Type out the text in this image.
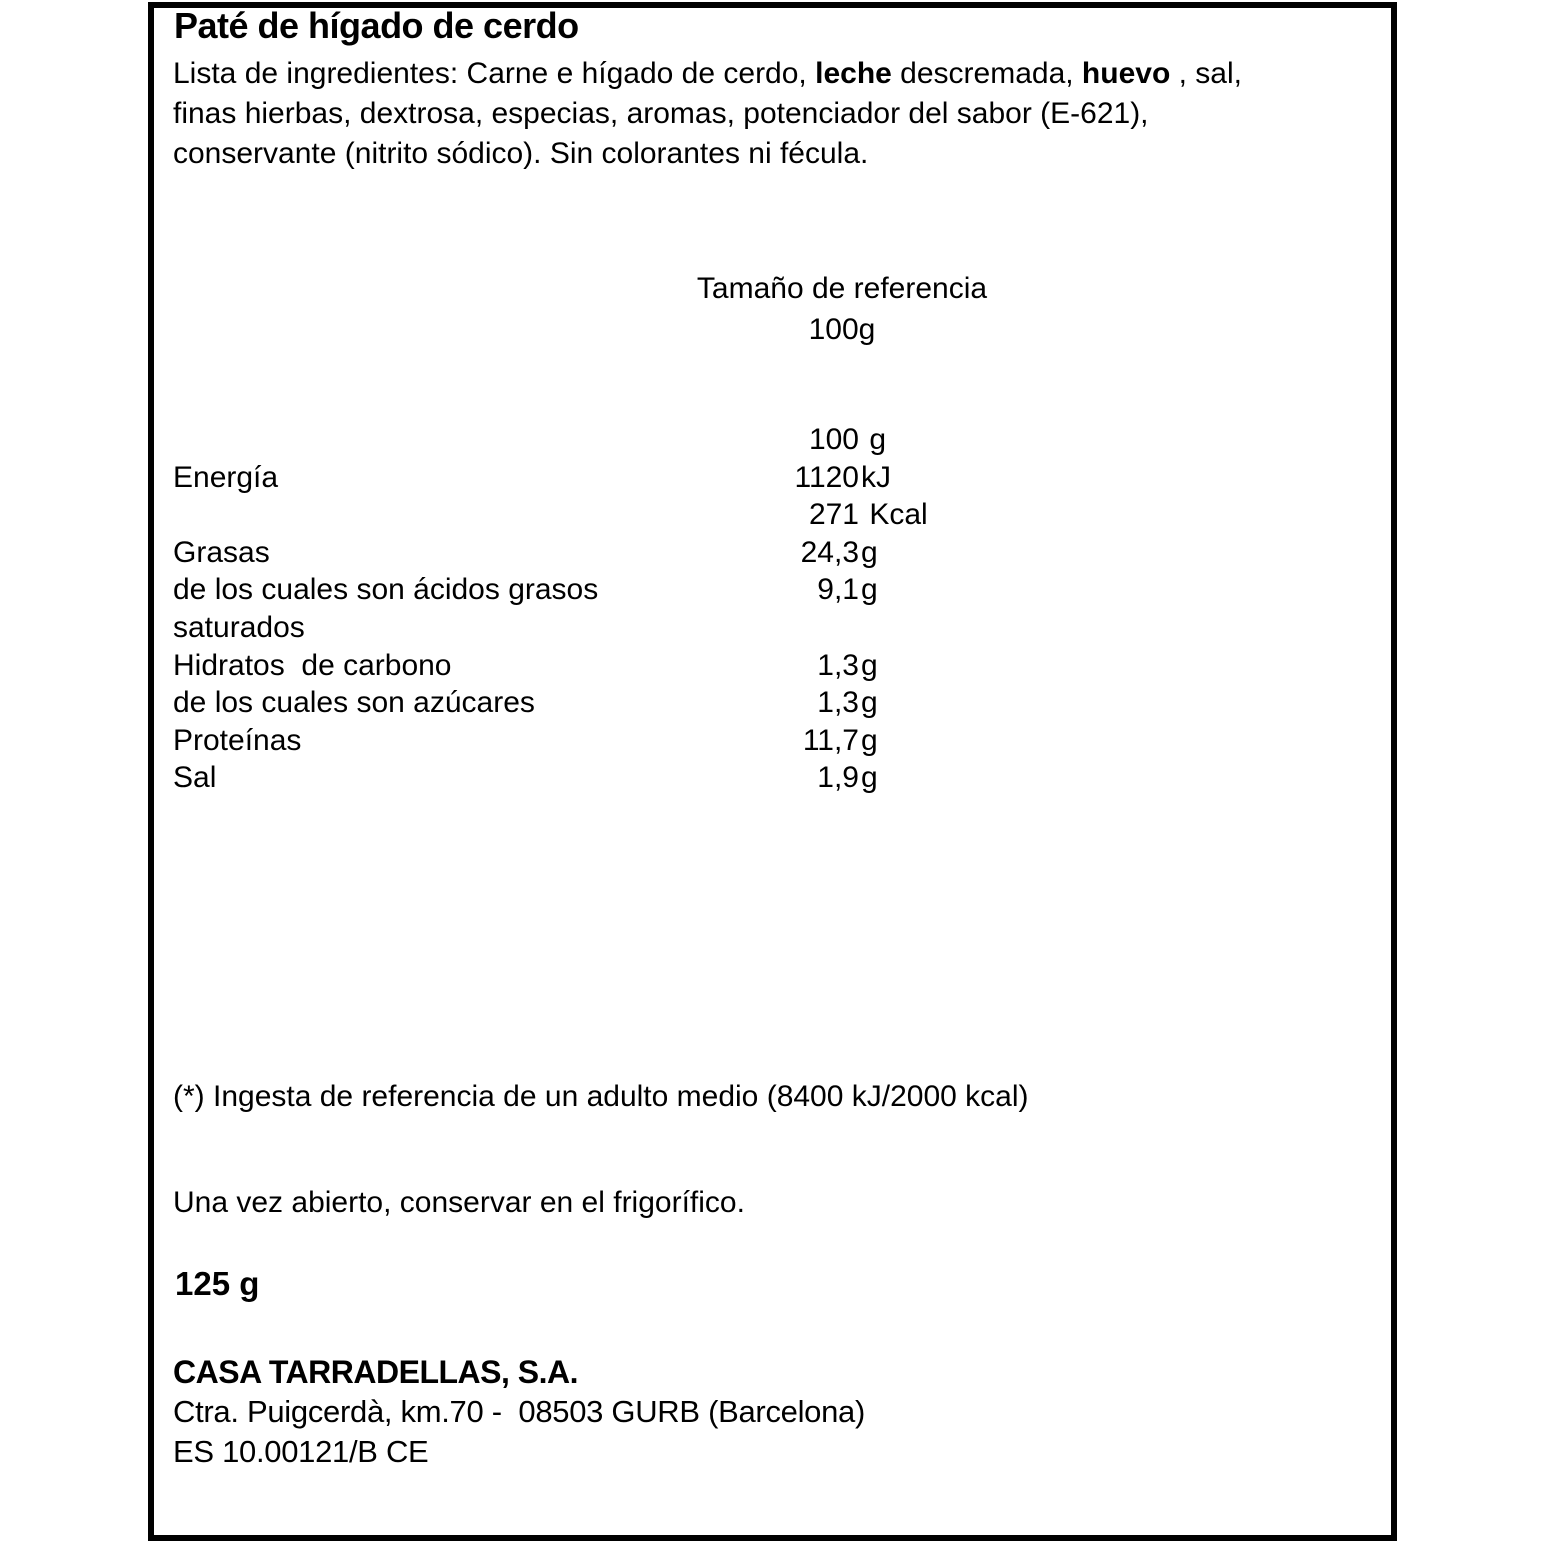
Paté de hígado de cerdo
Lista de ingredientes: Carne e hígado de cerdo, leche descremada, huevo , sal,
finas hierbas, dextrosa, especias, aromas, potenciador del sabor (E-621),
conservante (nitrito sódico). Sin colorantes ni fécula.
Tamaño de referencia
100g
100 g
Energía	1120 kJ
271 Kcal
Grasas	24,3 g
de los cuales son ácidos grasos	9,1 g
saturados
Hidratos  de carbono	1,3 g
de los cuales son azúcares	1,3 g
Proteínas	11,7 g
Sal	1,9 g
(*) Ingesta de referencia de un adulto medio (8400 kJ/2000 kcal)
Una vez abierto, conservar en el frigorífico.
125 g
CASA TARRADELLAS, S.A.
Ctra. Puigcerdà, km.70 -  08503 GURB (Barcelona)
ES 10.00121/B CE
